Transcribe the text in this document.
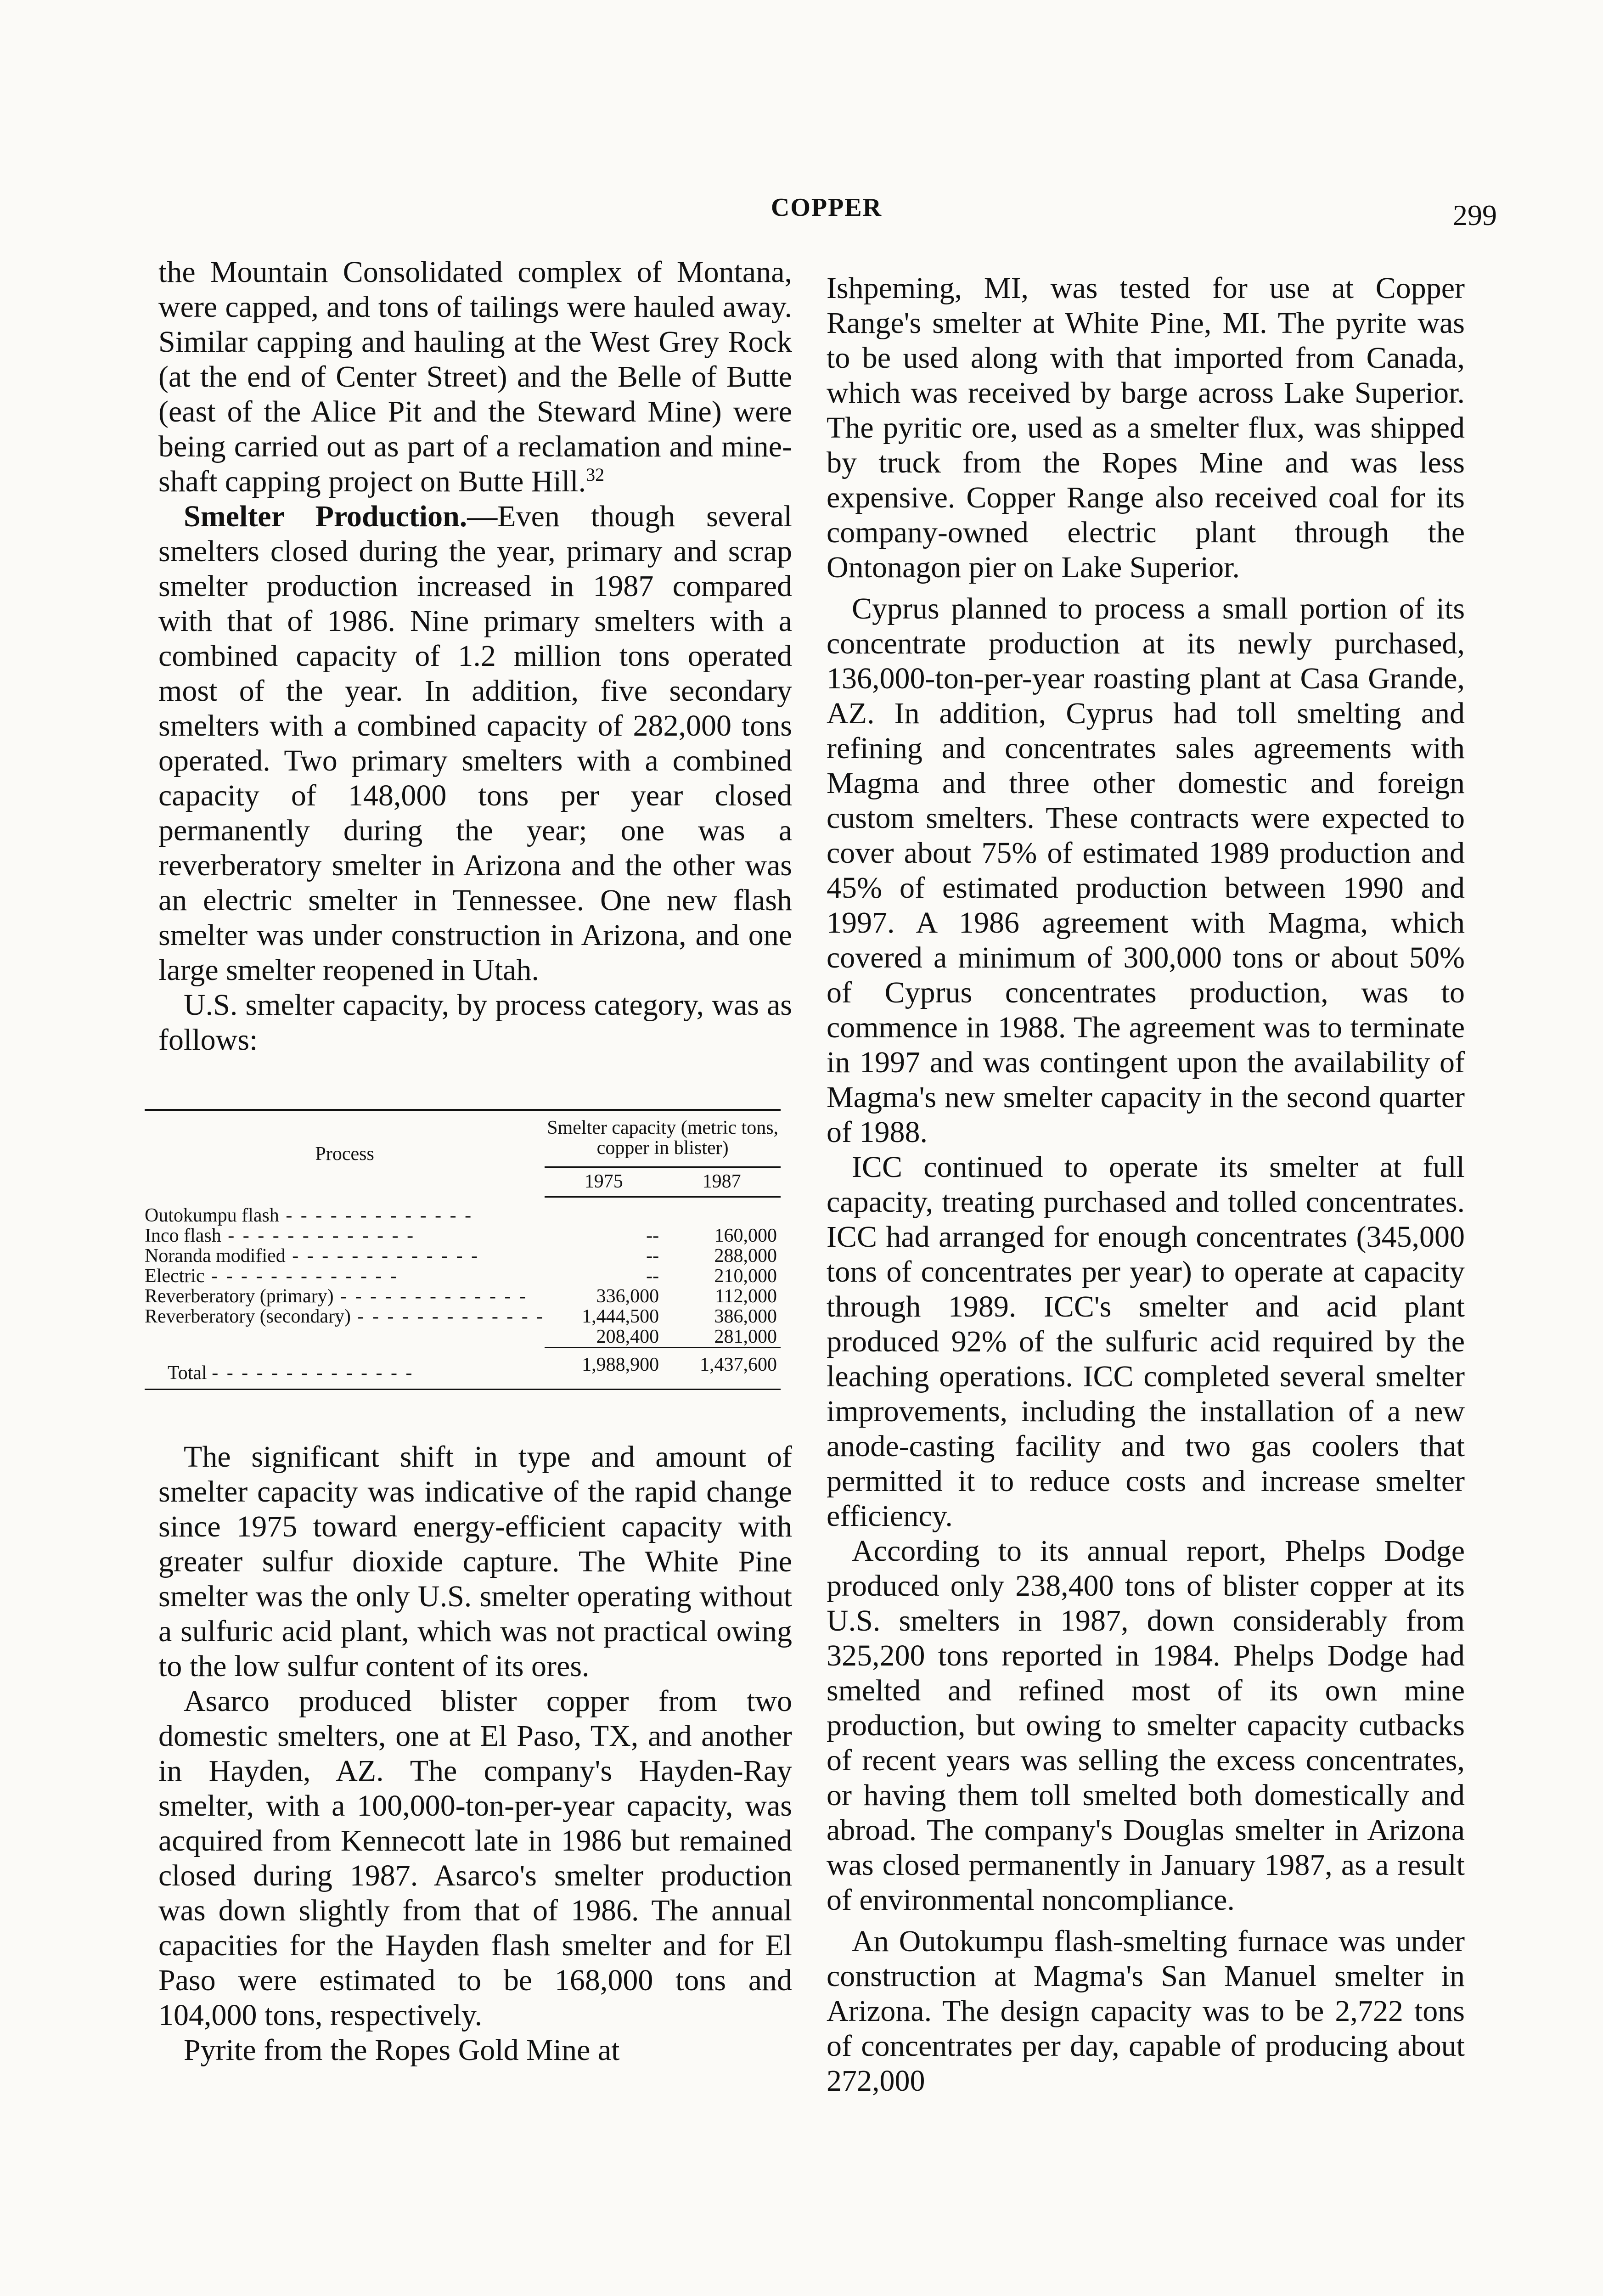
COPPER	299

the Mountain Consolidated complex of Montana, were capped, and tons of tailings were hauled away. Similar capping and hauling at the West Grey Rock (at the end of Center Street) and the Belle of Butte (east of the Alice Pit and the Steward Mine) were being carried out as part of a reclamation and mine-shaft capping project on Butte Hill.$^{32}$

Smelter Production.—Even though several smelters closed during the year, primary and scrap smelter production increased in 1987 compared with that of 1986. Nine primary smelters with a combined capacity of 1.2 million tons operated most of the year. In addition, five secondary smelters with a combined capacity of 282,000 tons operated. Two primary smelters with a combined capacity of 148,000 tons per year closed permanently during the year; one was a reverberatory smelter in Arizona and the other was an electric smelter in Tennessee. One new flash smelter was under construction in Arizona, and one large smelter reopened in Utah.

U.S. smelter capacity, by process category, was as follows:

Process	Smelter capacity (metric tons, copper in blister)	
	1975	1987
Outokumpu flash - - - - - - - - - - - - -		
Inco flash - - - - - - - - - - - - -	--	160,000
Noranda modified - - - - - - - - - - - - -	--	288,000
Electric - - - - - - - - - - - - -	--	210,000
Reverberatory (primary) - - - - - - - - - - - - -	336,000	112,000
Reverberatory (secondary) - - - - - - - - - - - - -	1,444,500	386,000
	208,400	281,000
Total - - - - - - - - - - - - - -	1,988,900	1,437,600

The significant shift in type and amount of smelter capacity was indicative of the rapid change since 1975 toward energy-efficient capacity with greater sulfur dioxide capture. The White Pine smelter was the only U.S. smelter operating without a sulfuric acid plant, which was not practical owing to the low sulfur content of its ores.

Asarco produced blister copper from two domestic smelters, one at El Paso, TX, and another in Hayden, AZ. The company's Hayden-Ray smelter, with a 100,000-ton-per-year capacity, was acquired from Kennecott late in 1986 but remained closed during 1987. Asarco's smelter production was down slightly from that of 1986. The annual capacities for the Hayden flash smelter and for El Paso were estimated to be 168,000 tons and 104,000 tons, respectively.

Pyrite from the Ropes Gold Mine at

Ishpeming, MI, was tested for use at Copper Range's smelter at White Pine, MI. The pyrite was to be used along with that imported from Canada, which was received by barge across Lake Superior. The pyritic ore, used as a smelter flux, was shipped by truck from the Ropes Mine and was less expensive. Copper Range also received coal for its company-owned electric plant through the Ontonagon pier on Lake Superior.

Cyprus planned to process a small portion of its concentrate production at its newly purchased, 136,000-ton-per-year roasting plant at Casa Grande, AZ. In addition, Cyprus had toll smelting and refining and concentrates sales agreements with Magma and three other domestic and foreign custom smelters. These contracts were expected to cover about 75% of estimated 1989 production and 45% of estimated production between 1990 and 1997. A 1986 agreement with Magma, which covered a minimum of 300,000 tons or about 50% of Cyprus concentrates production, was to commence in 1988. The agreement was to terminate in 1997 and was contingent upon the availability of Magma's new smelter capacity in the second quarter of 1988.

ICC continued to operate its smelter at full capacity, treating purchased and tolled concentrates. ICC had arranged for enough concentrates (345,000 tons of concentrates per year) to operate at capacity through 1989. ICC's smelter and acid plant produced 92% of the sulfuric acid required by the leaching operations. ICC completed several smelter improvements, including the installation of a new anode-casting facility and two gas coolers that permitted it to reduce costs and increase smelter efficiency.

According to its annual report, Phelps Dodge produced only 238,400 tons of blister copper at its U.S. smelters in 1987, down considerably from 325,200 tons reported in 1984. Phelps Dodge had smelted and refined most of its own mine production, but owing to smelter capacity cutbacks of recent years was selling the excess concentrates, or having them toll smelted both domestically and abroad. The company's Douglas smelter in Arizona was closed permanently in January 1987, as a result of environmental noncompliance.

An Outokumpu flash-smelting furnace was under construction at Magma's San Manuel smelter in Arizona. The design capacity was to be 2,722 tons of concentrates per day, capable of producing about 272,000
